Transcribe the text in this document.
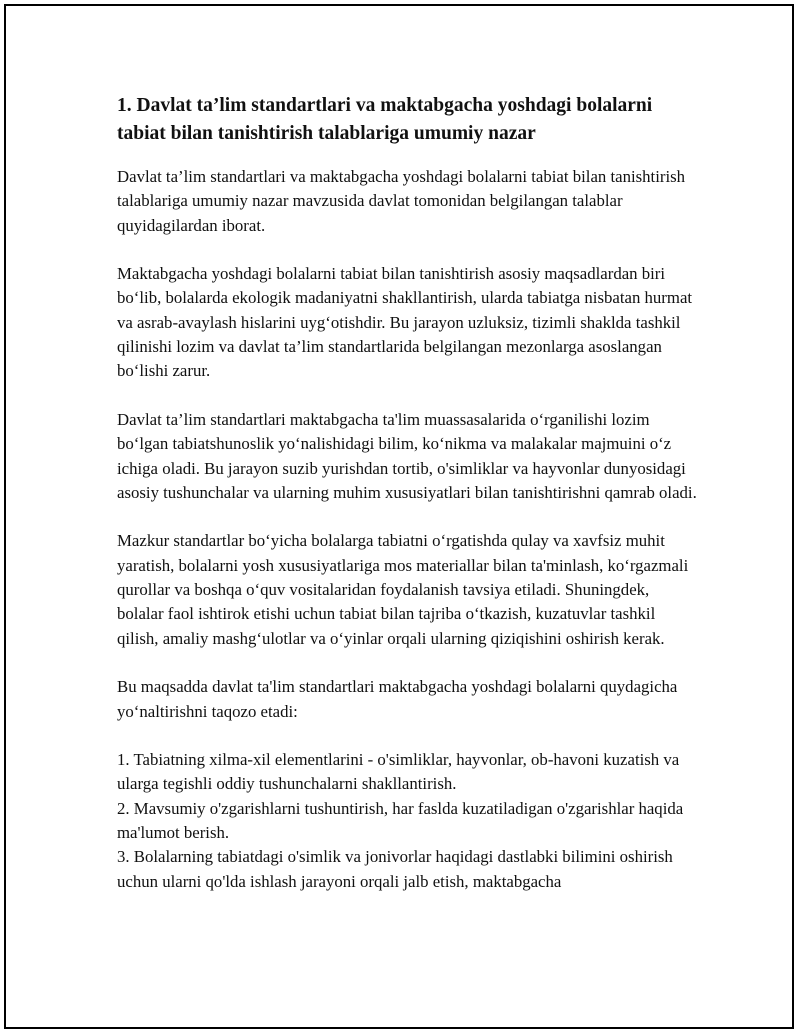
1. Davlat ta’lim standartlari va maktabgacha yoshdagi bolalarni tabiat bilan tanishtirish talablariga umumiy nazar

Davlat ta’lim standartlari va maktabgacha yoshdagi bolalarni tabiat bilan tanishtirish talablariga umumiy nazar mavzusida davlat tomonidan belgilangan talablar quyidagilardan iborat.

Maktabgacha yoshdagi bolalarni tabiat bilan tanishtirish asosiy maqsadlardan biri boʻlib, bolalarda ekologik madaniyatni shakllantirish, ularda tabiatga nisbatan hurmat va asrab-avaylash hislarini uygʻotishdir. Bu jarayon uzluksiz, tizimli shaklda tashkil qilinishi lozim va davlat ta’lim standartlarida belgilangan mezonlarga asoslangan boʻlishi zarur.

Davlat ta’lim standartlari maktabgacha ta'lim muassasalarida oʻrganilishi lozim boʻlgan tabiatshunoslik yoʻnalishidagi bilim, koʻnikma va malakalar majmuini oʻz ichiga oladi. Bu jarayon suzib yurishdan tortib, o'simliklar va hayvonlar dunyosidagi asosiy tushunchalar va ularning muhim xususiyatlari bilan tanishtirishni qamrab oladi.

Mazkur standartlar boʻyicha bolalarga tabiatni oʻrgatishda qulay va xavfsiz muhit yaratish, bolalarni yosh xususiyatlariga mos materiallar bilan ta'minlash, koʻrgazmali qurollar va boshqa oʻquv vositalaridan foydalanish tavsiya etiladi. Shuningdek, bolalar faol ishtirok etishi uchun tabiat bilan tajriba oʻtkazish, kuzatuvlar tashkil qilish, amaliy mashgʻulotlar va oʻyinlar orqali ularning qiziqishini oshirish kerak.

Bu maqsadda davlat ta'lim standartlari maktabgacha yoshdagi bolalarni quydagicha yoʻnaltirishni taqozo etadi:

1. Tabiatning xilma-xil elementlarini - o'simliklar, hayvonlar, ob-havoni kuzatish va ularga tegishli oddiy tushunchalarni shakllantirish.
2. Mavsumiy o'zgarishlarni tushuntirish, har faslda kuzatiladigan o'zgarishlar haqida ma'lumot berish.
3. Bolalarning tabiatdagi o'simlik va jonivorlar haqidagi dastlabki bilimini oshirish uchun ularni qo'lda ishlash jarayoni orqali jalb etish, maktabgacha
